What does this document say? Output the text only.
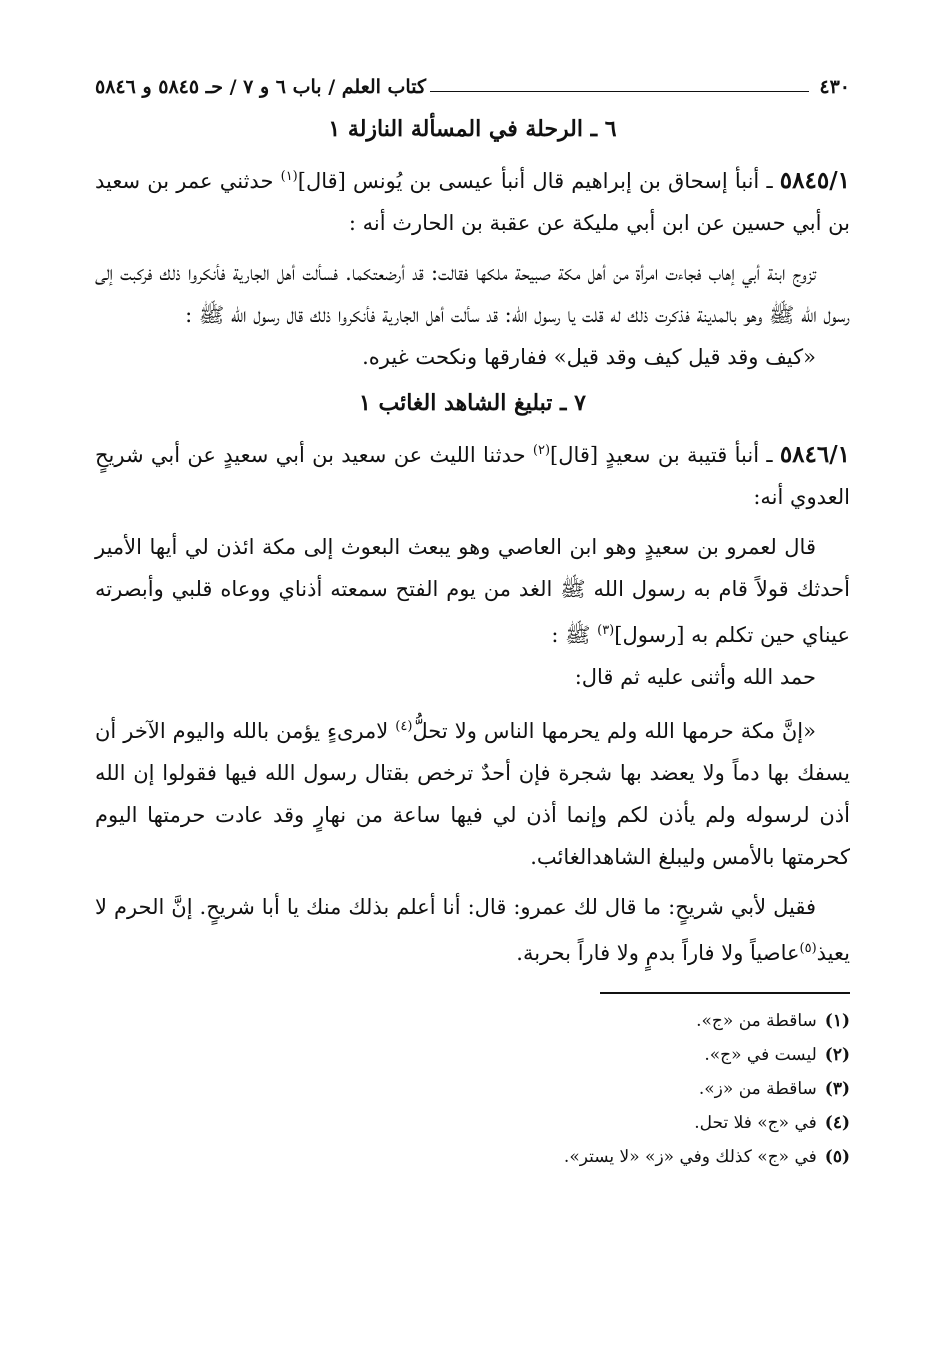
٤٣٠
كتاب العلم / باب ٦ و ٧ / حـ ٥٨٤٥ و ٥٨٤٦
٦ ـ الرحلة في المسألة النازلة ١

٥٨٤٥/١ ـ أنبأ إسحاق بن إبراهيم قال أنبأ عيسى بن يُونس [قال]$^{(١)}$ حدثني عمر بن سعيد بن أبي حسين عن ابن أبي مليكة عن عقبة بن الحارث أنه :

تزوج ابنة أبي إهاب فجاءت امرأة من أهل مكة صبيحة ملكها فقالت: قد أرضعتكما. فسألت أهل الجارية فأنكروا ذلك فركبت إلى رسول الله ﷺ وهو بالمدينة فذكرت ذلك له قلت يا رسول الله: قد سألت أهل الجارية فأنكروا ذلك قال رسول الله ﷺ :

«كيف وقد قيل كيف وقد قيل» ففارقها ونكحت غيره.

٧ ـ تبليغ الشاهد الغائب ١

٥٨٤٦/١ ـ أنبأ قتيبة بن سعيدٍ [قال]$^{(٢)}$ حدثنا الليث عن سعيد بن أبي سعيدٍ عن أبي شريحٍ العدوي أنه:

قال لعمرو بن سعيدٍ وهو ابن العاصي وهو يبعث البعوث إلى مكة ائذن لي أيها الأمير أحدثك قولاً قام به رسول الله ﷺ الغد من يوم الفتح سمعته أذناي ووعاه قلبي وأبصرته عيناي حين تكلم به [رسول]$^{(٣)}$ ﷺ :

حمد الله وأثنى عليه ثم قال:

«إنَّ مكة حرمها الله ولم يحرمها الناس ولا تحلُّ$^{(٤)}$ لامرىءٍ يؤمن بالله واليوم الآخر أن يسفك بها دماً ولا يعضد بها شجرة فإن أحدٌ ترخص بقتال رسول الله فيها فقولوا إن الله أذن لرسوله ولم يأذن لكم وإنما أذن لي فيها ساعة من نهارٍ وقد عادت حرمتها اليوم كحرمتها بالأمس وليبلغ الشاهدالغائب.

فقيل لأبي شريحٍ: ما قال لك عمرو: قال: أنا أعلم بذلك منك يا أبا شريحٍ. إنَّ الحرم لا يعيذ$^{(٥)}$عاصياً ولا فاراً بدمٍ ولا فاراً بحربة.

(١)ساقطة من «ج».
(٢)ليست في «ج».
(٣)ساقطة من «ز».
(٤)في «ج» فلا تحل.
(٥)في «ج» كذلك وفي «ز» «لا يستر».
